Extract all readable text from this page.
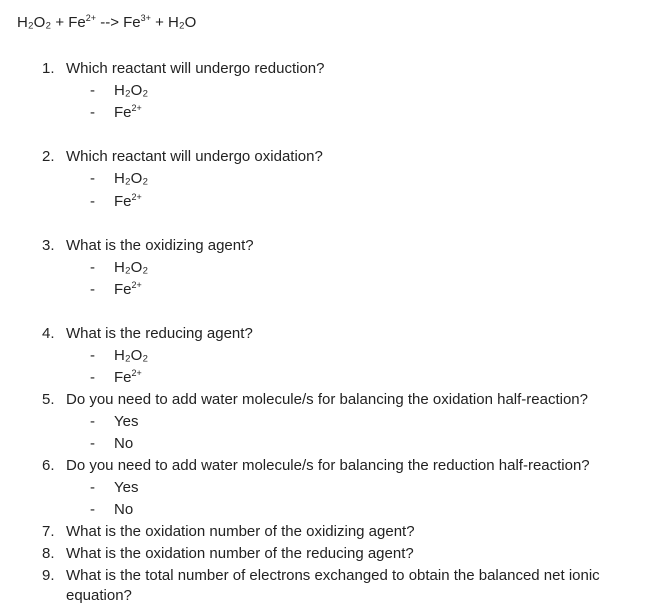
$H_2O_2 + Fe^{2+}$ --> $Fe^{3+} + H_2O$
1. Which reactant will undergo reduction?
- H₂O₂
- $Fe^{2+}$
2. Which reactant will undergo oxidation?
- H₂O₂
- $Fe^{2+}$
3. What is the oxidizing agent?
- H₂O₂
- $Fe^{2+}$
4. What is the reducing agent?
- H₂O₂
- $Fe^{2+}$
5. Do you need to add water molecule/s for balancing the oxidation half-reaction?
- Yes
- No
6. Do you need to add water molecule/s for balancing the reduction half-reaction?
- Yes
- No
7. What is the oxidation number of the oxidizing agent?
8. What is the oxidation number of the reducing agent?
9. What is the total number of electrons exchanged to obtain the balanced net ionic equation?
